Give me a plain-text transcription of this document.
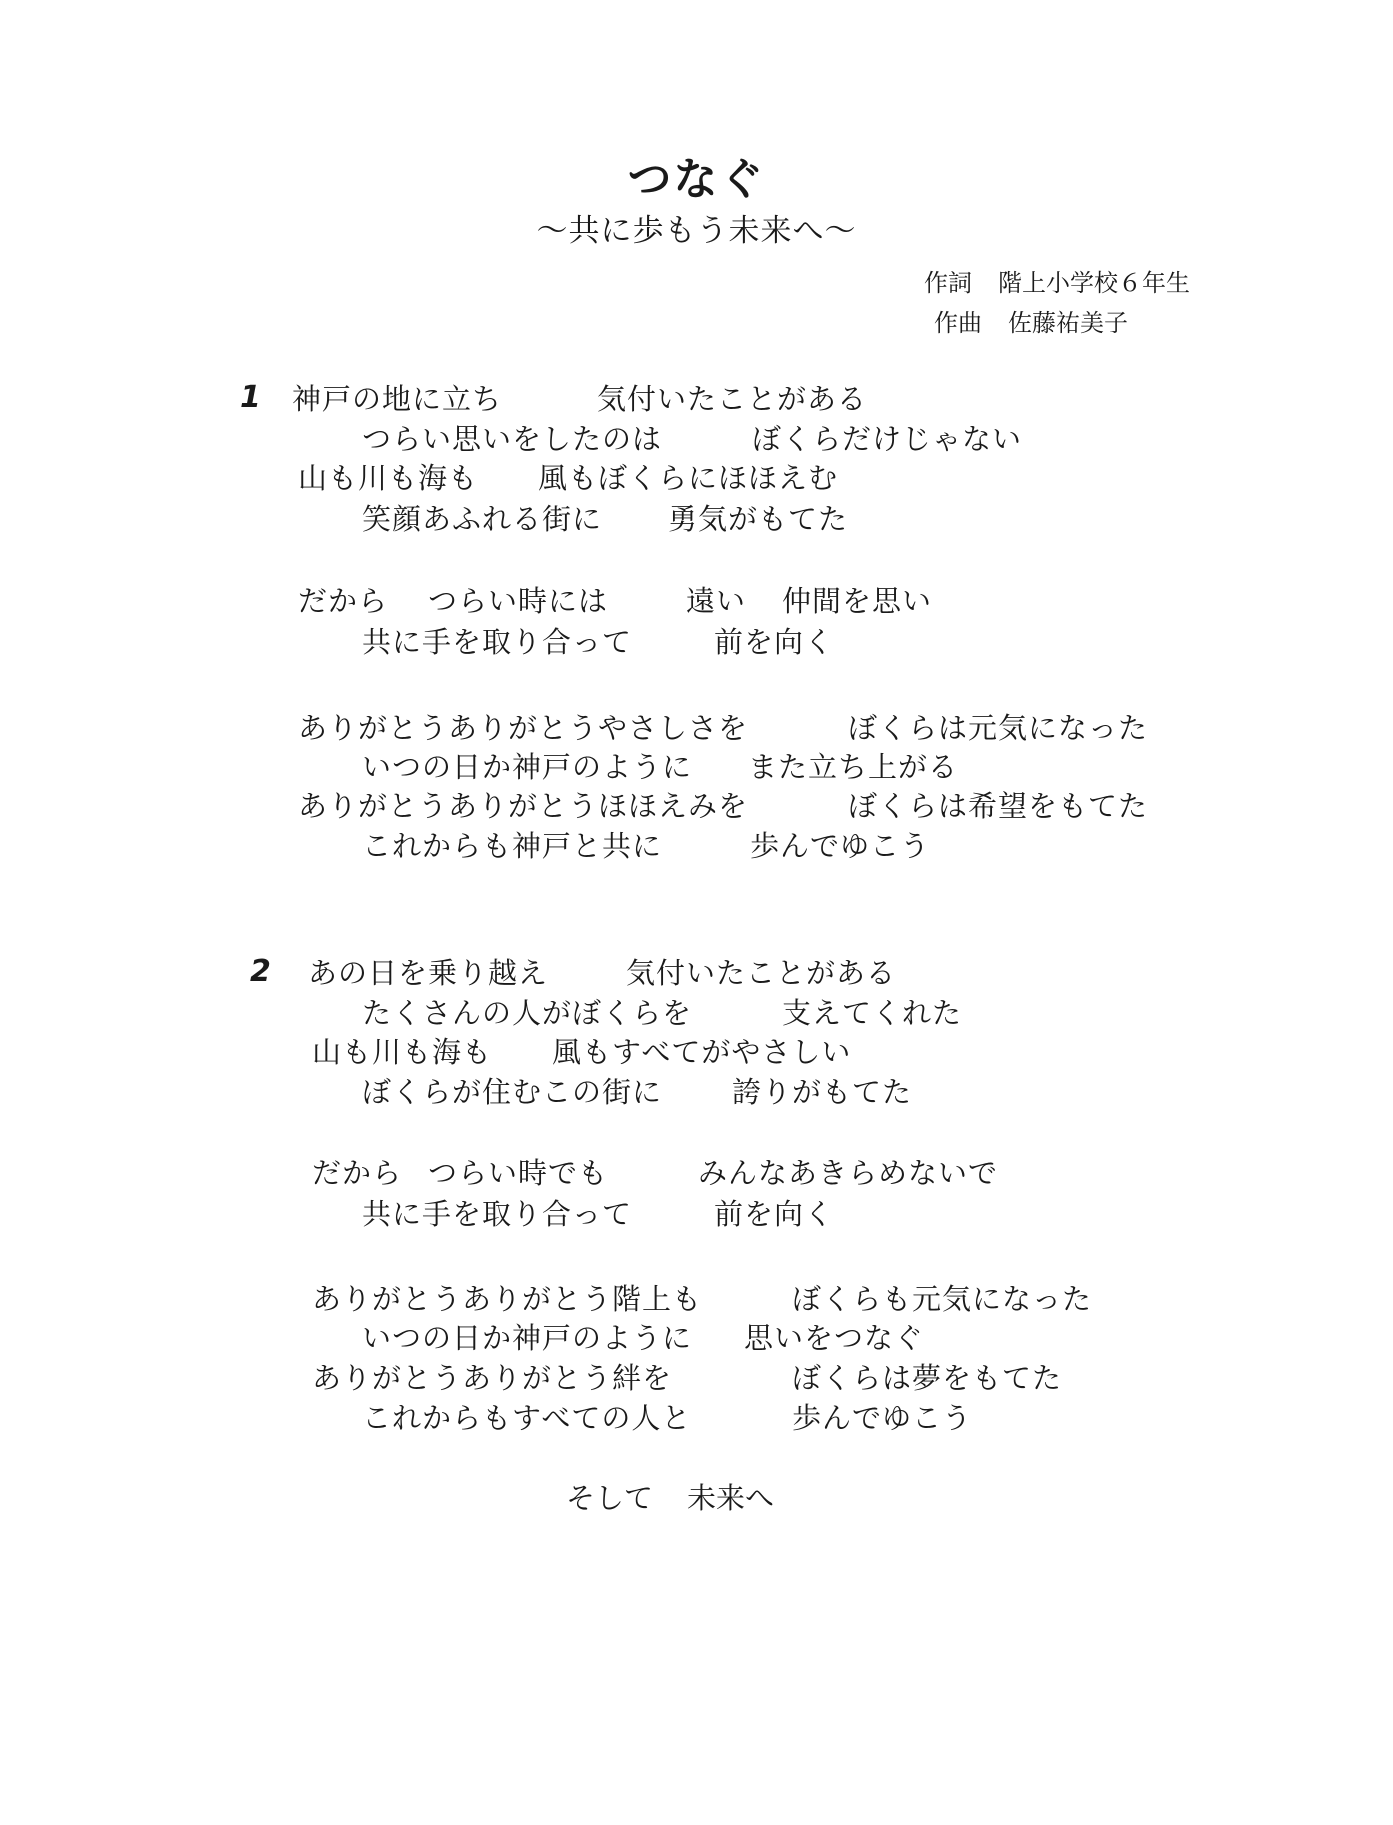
つなぐ
〜共に歩もう未来へ〜
作詞 階上小学校６年生
作曲 佐藤祐美子
1 神戸の地に立ち	気付いたことがある
つらい思いをしたのは	ぼくらだけじゃない
山も川も海も 風もぼくらにほほえむ
笑顔あふれる街に 勇気がもてた
だから つらい時には	遠い 仲間を思い
共に手を取り合って	前を向く
ありがとうありがとうやさしさを	ぼくらは元気になった
いつの日か神戸のように また立ち上がる
ありがとうありがとうほほえみを	ぼくらは希望をもてた
これからも神戸と共に	歩んでゆこう
2 あの日を乗り越え	気付いたことがある
たくさんの人がぼくらを	支えてくれた
山も川も海も 風もすべてがやさしい
ぼくらが住むこの街に 誇りがもてた
だから つらい時でも	みんなあきらめないで
共に手を取り合って	前を向く
ありがとうありがとう階上も	ぼくらも元気になった
いつの日か神戸のように 思いをつなぐ
ありがとうありがとう絆を	ぼくらは夢をもてた
これからもすべての人と	歩んでゆこう
そして 未来へ
